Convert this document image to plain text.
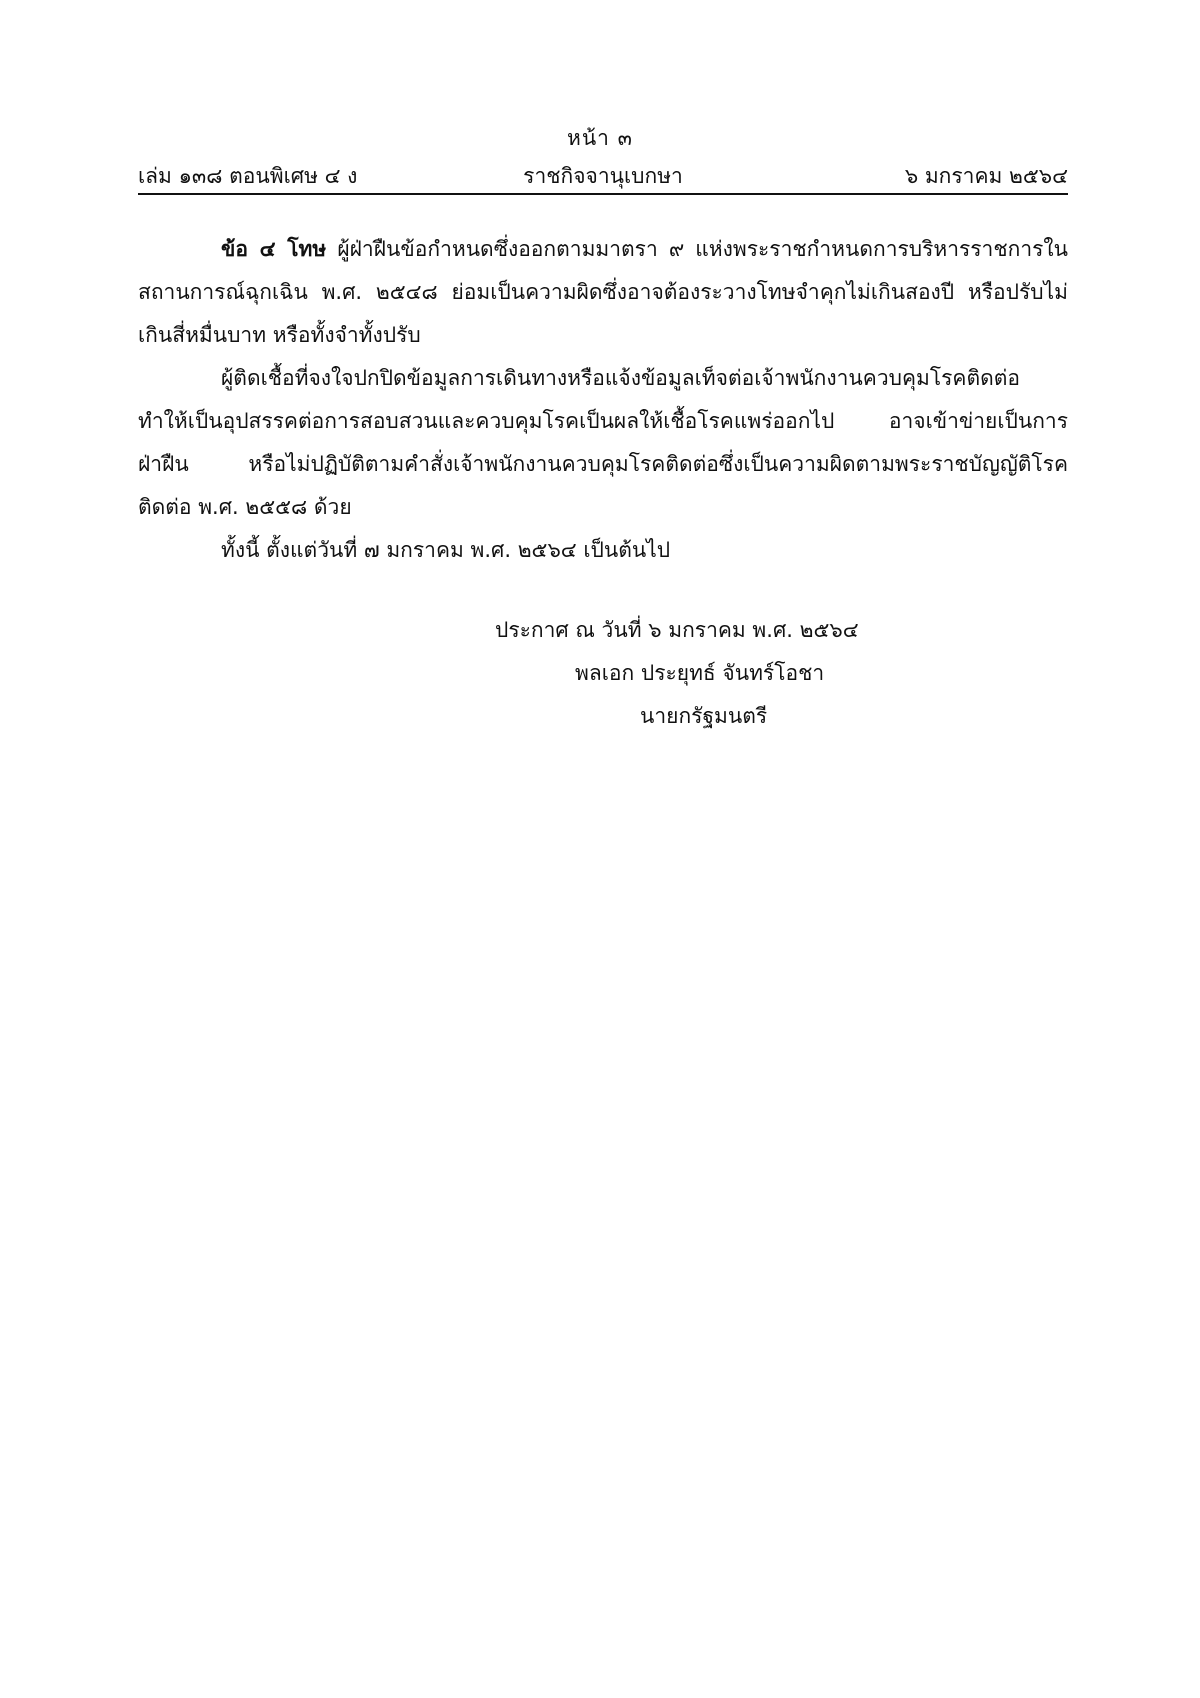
หน้า ๓
ราชกิจจานุเบกษา
เล่ม ๑๓๘ ตอนพิเศษ ๔ ง	๖ มกราคม ๒๕๖๔

ข้อ ๔ โทษ ผู้ฝ่าฝืนข้อกำหนดซึ่งออกตามมาตรา ๙ แห่งพระราชกำหนดการบริหารราชการในสถานการณ์ฉุกเฉิน พ.ศ. ๒๕๔๘ ย่อมเป็นความผิดซึ่งอาจต้องระวางโทษจำคุกไม่เกินสองปี หรือปรับไม่เกินสี่หมื่นบาท หรือทั้งจำทั้งปรับ

ผู้ติดเชื้อที่จงใจปกปิดข้อมูลการเดินทางหรือแจ้งข้อมูลเท็จต่อเจ้าพนักงานควบคุมโรคติดต่อ ทำให้เป็นอุปสรรคต่อการสอบสวนและควบคุมโรคเป็นผลให้เชื้อโรคแพร่ออกไป อาจเข้าข่ายเป็นการฝ่าฝืน หรือไม่ปฏิบัติตามคำสั่งเจ้าพนักงานควบคุมโรคติดต่อซึ่งเป็นความผิดตามพระราชบัญญัติโรคติดต่อ พ.ศ. ๒๕๕๘ ด้วย

ทั้งนี้ ตั้งแต่วันที่ ๗ มกราคม พ.ศ. ๒๕๖๔ เป็นต้นไป

ประกาศ ณ วันที่ ๖ มกราคม พ.ศ. ๒๕๖๔
พลเอก ประยุทธ์ จันทร์โอชา
นายกรัฐมนตรี
